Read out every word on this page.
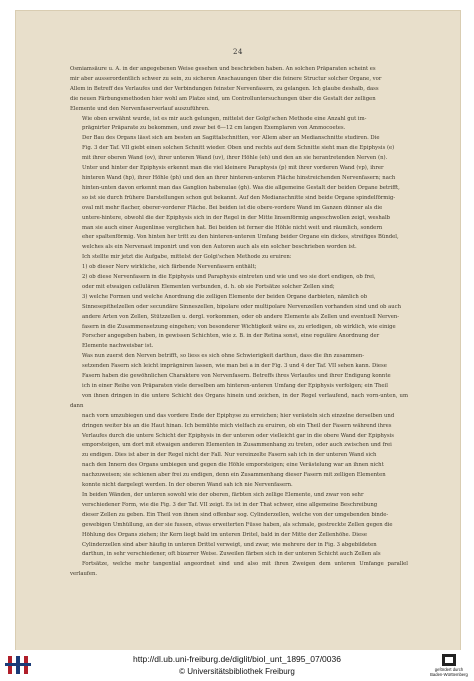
24
Osmiamsäure u. A. in der angegebenen Weise gesehen und beschrieben haben. An solchen Präparaten scheint es
mir aber ausserordentlich schwer zu sein, zu sicheren Anschauungen über die feinere Structur solcher Organe, vor
Allem in Betreff des Verlaufes und der Verbindungen feinster Nervenfasern, zu gelangen. Ich glaube deshalb, dass
die neuen Färbungsmethoden hier wohl am Platze sind, um Controlluntersuchungen über die Gestalt der zelligen
Elemente und den Nervenfaserverlauf auszuführen.
Wie oben erwähnt wurde, ist es mir auch gelungen, mittelst der Golgi'schen Methode eine Anzahl gut im-
prägnirter Präparate zu bekommen, und zwar bei 6—12 cm langen Exemplaren von Ammocoetes.
Der Bau des Organs lässt sich am besten an Sagittalschnitten, vor Allem aber an Medianschnitte studiren. Die
Fig. 3 der Taf. VII giebt einen solchen Schnitt wieder. Oben und rechts auf dem Schnitte sieht man die Epiphysis (e)
mit ihrer oberen Wand (ov), ihrer unteren Wand (uv), ihrer Höhle (eh) und den an sie herantretenden Nerven (n).
Unter und hinter der Epiphysis erkennt man die viel kleinere Paraphysis (p) mit ihrer vorderen Wand (vp), ihrer
hinteren Wand (hp), ihrer Höhle (ph) und den an ihrer hinteren-unteren Fläche hinstreichenden Nervenfasern; nach
hinten-unten davon erkennt man das Ganglion habenulae (gh). Was die allgemeine Gestalt der beiden Organe betrifft,
so ist sie durch frühere Darstellungen schon gut bekannt. Auf den Medianschnitte sind beide Organe spindelförmig-
oval mit mehr flacher, oberer-vorderer Fläche. Bei beiden ist die obere-vordere Wand im Ganzen dünner als die
untere-hintere, obwohl die der Epiphysis sich in der Regel in der Mitte linsenförmig angeschwollen zeigt, weshalb
man sie auch einer Augenlinse verglichen hat. Bei beiden ist ferner die Höhle nicht weit und räumlich, sondern
eher spaltenförmig. Von hinten her tritt zu den hinteren-unteren Umfang beider Organe ein dickes, streifiges Bündel,
welches als ein Nervenast imponirt und von den Autoren auch als ein solcher beschrieben worden ist.
Ich stellte mir jetzt die Aufgabe, mittelst der Golgi'schen Methode zu eruiren:
1) ob dieser Nerv wirkliche, sich färbende Nervenfasern enthält;
2) ob diese Nervenfasern in die Epiphysis und Paraphysis eintreten und wie und wo sie dort endigen, ob frei,
oder mit etwaigen cellulären Elementen verbunden, d. h. ob sie Fortsätze solcher Zellen sind;
3) welche Formen und welche Anordnung die zelligen Elemente der beiden Organe darbieten, nämlich ob
Sinnesepithelzellen oder secundäre Sinneszellen, bipolare oder multipolare Nervenzellen vorhanden sind und ob auch
andere Arten von Zellen, Stützzellen u. dergl. vorkommen, oder ob andere Elemente als Zellen und eventuell Nerven-
fasern in die Zusammensetzung eingehen; von besonderer Wichtigkeit wäre es, zu erledigen, ob wirklich, wie einige
Forscher angegeben haben, in gewissen Schichten, wie z. B. in der Retina sonst, eine reguläre Anordnung der
Elemente nachweisbar ist.
Was nun zuerst den Nerven betrifft, so liess es sich ohne Schwierigkeit darthun, dass die ihn zusammen-
setzenden Fasern sich leicht imprägniren lassen, wie man bei a in der Fig. 3 und 4 der Taf. VII sehen kann. Diese
Fasern haben die gewöhnlichen Charaktere von Nervenfasern. Betreffs ihres Verlaufes und ihrer Endigung konnte
ich in einer Reihe von Präparaten viele derselben am hinteren-unteren Umfang der Epiphysis verfolgen; ein Theil
von ihnen dringen in die untere Schicht des Organs hinein und zeichen, in der Regel verlaufend, nach vorn-unten, um dann
nach vorn umzubiegen und das vordere Ende der Epiphyse zu erreichen; hier verästeln sich einzelne derselben und
dringen weiter bis an die Haut hinan. Ich bemühte mich vielfach zu eruiren, ob ein Theil der Fasern während ihres
Verlaufes durch die untere Schicht der Epiphysis in der unteren oder vielleicht gar in die obere Wand der Epiphysis
emporsteigen, um dort mit etwaigen anderen Elementen in Zusammenhang zu treten, oder auch zwischen und frei
zu endigen. Dies ist aber in der Regel nicht der Fall. Nur vereinzelte Fasern sah ich in der unteren Wand sich
nach den Innern des Organs umbiegen und gegen die Höhle emporsteigen; eine Verästelung war an ihnen nicht
nachzuweisen; sie schienen aber frei zu endigen, denn ein Zusammenhang dieser Fasern mit zelligen Elementen
konnte nicht dargelegt werden. In der oberen Wand sah ich nie Nervenfasern.
In beiden Wänden, der unteren sowohl wie der oberen, färbten sich zellige Elemente, und zwar von sehr
verschiedener Form, wie die Fig. 3 der Taf. VII zeigt. Es ist in der That schwer, eine allgemeine Beschreibung
dieser Zellen zu geben. Ein Theil von ihnen sind offenbar sog. Cylinderzellen, welche von der umgebenden binde-
gewebigen Umhüllung, an der sie fussen, etwas erweiterten Füsse haben, als schmale, gestreckte Zellen gegen die
Höhlung des Organs ziehen; ihr Kern liegt bald im unteren Dritel, bald in der Mitte der Zellenhöhe. Diese
Cylinderzellen sind aber häufig in unteren Drittel verweigt, und zwar, wie mehrere der in Fig. 3 abgebildeten
darthun, in sehr verschiedener, oft bizarrer Weise. Zuweilen färben sich in der unteren Schicht auch Zellen als
Fortsätze, welche mehr tangential angeordnet sind und also mit ihren Zweigen dem unteren Umfange parallel verlaufen.
http://dl.ub.uni-freiburg.de/diglit/biol_unt_1895_07/0036
© Universitätsbibliothek Freiburg	gefördert durch
Baden-Württemberg
